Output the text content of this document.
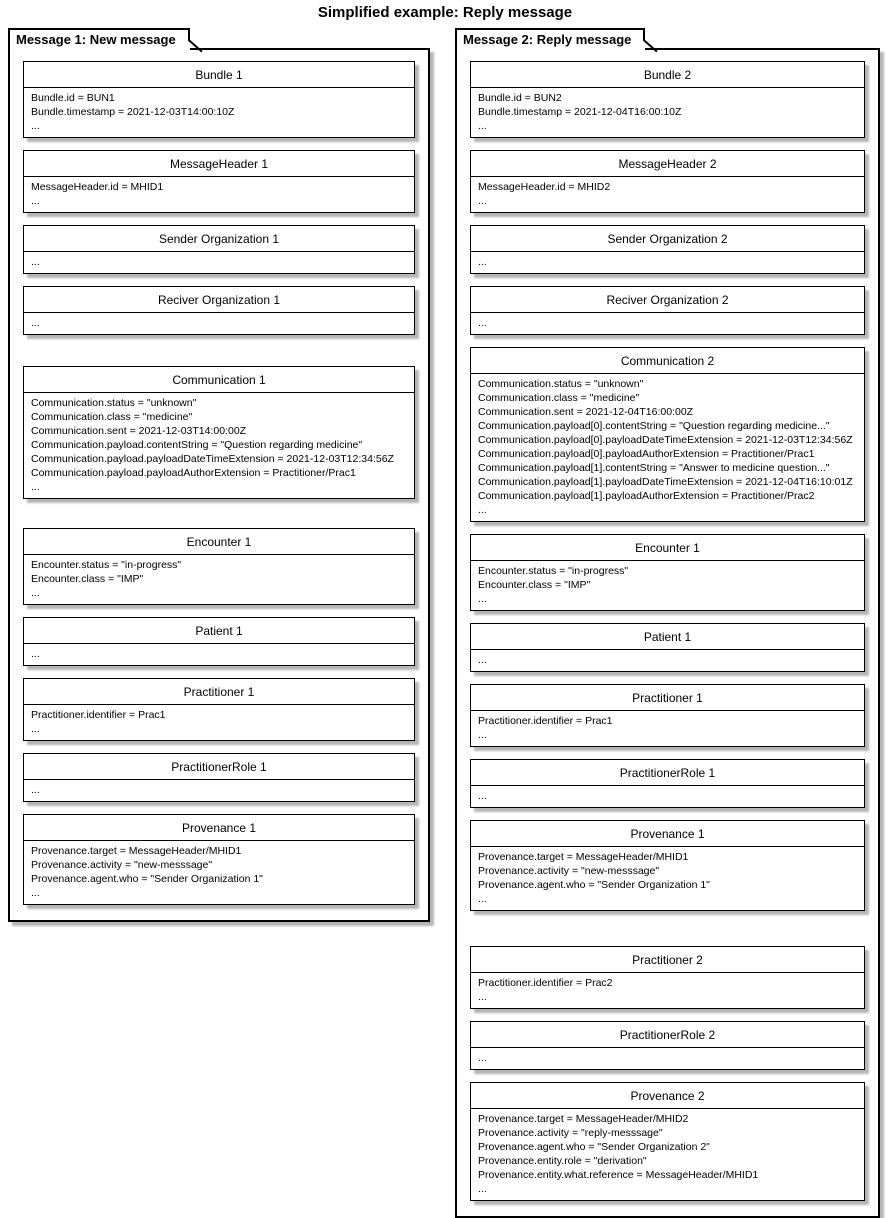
Simplified example: Reply message
Message 1: New message
Bundle 1
Bundle.id = BUN1
Bundle.timestamp = 2021-12-03T14:00:10Z
...
MessageHeader 1
MessageHeader.id = MHID1
...
Sender Organization 1
...
Reciver Organization 1
...
Communication 1
Communication.status = "unknown"
Communication.class = "medicine"
Communication.sent = 2021-12-03T14:00:00Z
Communication.payload.contentString = "Question regarding medicine"
Communication.payload.payloadDateTimeExtension = 2021-12-03T12:34:56Z
Communication.payload.payloadAuthorExtension = Practitioner/Prac1
...
Encounter 1
Encounter.status = "in-progress"
Encounter.class = "IMP"
...
Patient 1
...
Practitioner 1
Practitioner.identifier = Prac1
...
PractitionerRole 1
...
Provenance 1
Provenance.target = MessageHeader/MHID1
Provenance.activity = "new-messsage"
Provenance.agent.who = "Sender Organization 1"
...
Message 2: Reply message
Bundle 2
Bundle.id = BUN2
Bundle.timestamp = 2021-12-04T16:00:10Z
...
MessageHeader 2
MessageHeader.id = MHID2
...
Sender Organization 2
...
Reciver Organization 2
...
Communication 2
Communication.status = "unknown"
Communication.class = "medicine"
Communication.sent = 2021-12-04T16:00:00Z
Communication.payload[0].contentString = "Question regarding medicine..."
Communication.payload[0].payloadDateTimeExtension = 2021-12-03T12:34:56Z
Communication.payload[0].payloadAuthorExtension = Practitioner/Prac1
Communication.payload[1].contentString = "Answer to medicine question..."
Communication.payload[1].payloadDateTimeExtension = 2021-12-04T16:10:01Z
Communication.payload[1].payloadAuthorExtension = Practitioner/Prac2
...
Encounter 1
Encounter.status = "in-progress"
Encounter.class = "IMP"
...
Patient 1
...
Practitioner 1
Practitioner.identifier = Prac1
...
PractitionerRole 1
...
Provenance 1
Provenance.target = MessageHeader/MHID1
Provenance.activity = "new-messsage"
Provenance.agent.who = "Sender Organization 1"
...
Practitioner 2
Practitioner.identifier = Prac2
...
PractitionerRole 2
...
Provenance 2
Provenance.target = MessageHeader/MHID2
Provenance.activity = "reply-messsage"
Provenance.agent.who = "Sender Organization 2"
Provenance.entity.role = "derivation"
Provenance.entity.what.reference = MessageHeader/MHID1
...
